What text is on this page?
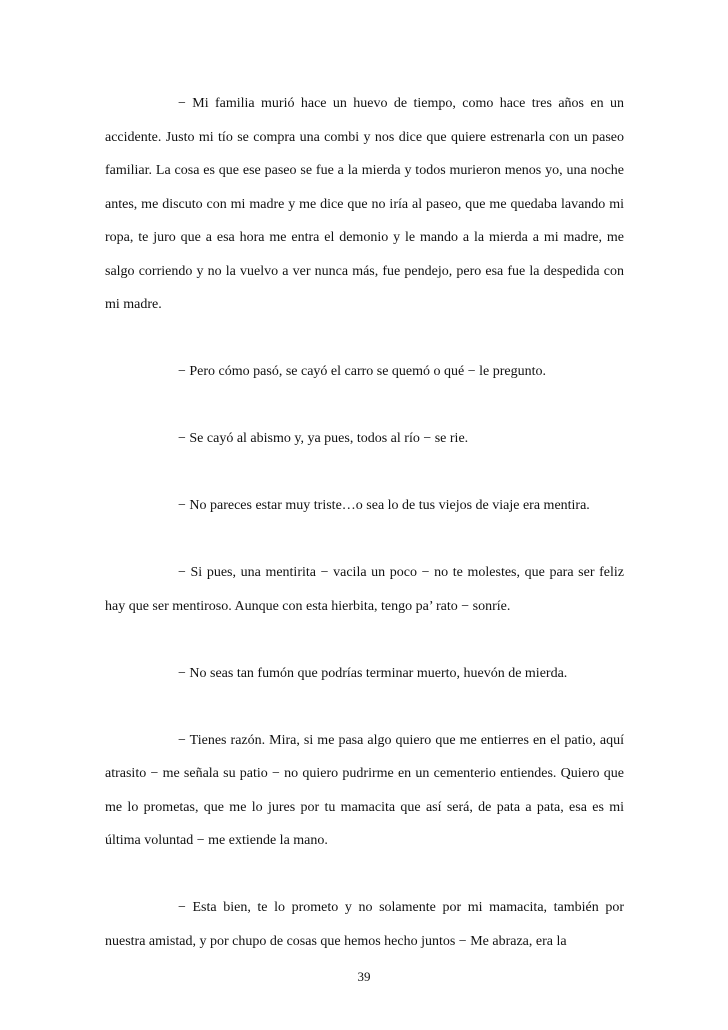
− Mi familia murió hace un huevo de tiempo, como hace tres años en un accidente. Justo mi tío se compra una combi y nos dice que quiere estrenarla con un paseo familiar. La cosa es que ese paseo se fue a la mierda y todos murieron menos yo, una noche antes, me discuto con mi madre y me dice que no iría al paseo, que me quedaba lavando mi ropa, te juro que a esa hora me entra el demonio y le mando a la mierda a mi madre, me salgo corriendo y no la vuelvo a ver nunca más, fue pendejo, pero esa fue la despedida con mi madre.

− Pero cómo pasó, se cayó el carro se quemó o qué − le pregunto.

− Se cayó al abismo y, ya pues, todos al río − se rie.

− No pareces estar muy triste…o sea lo de tus viejos de viaje era mentira.

− Si pues, una mentirita − vacila un poco − no te molestes, que para ser feliz hay que ser mentiroso. Aunque con esta hierbita, tengo pa’ rato − sonríe.

− No seas tan fumón que podrías terminar muerto, huevón de mierda.

− Tienes razón. Mira, si me pasa algo quiero que me entierres en el patio, aquí atrasito − me señala su patio − no quiero pudrirme en un cementerio entiendes. Quiero que me lo prometas, que me lo jures por tu mamacita que así será, de pata a pata, esa es mi última voluntad − me extiende la mano.

− Esta bien, te lo prometo y no solamente por mi mamacita, también por nuestra amistad, y por chupo de cosas que hemos hecho juntos − Me abraza, era la

39
